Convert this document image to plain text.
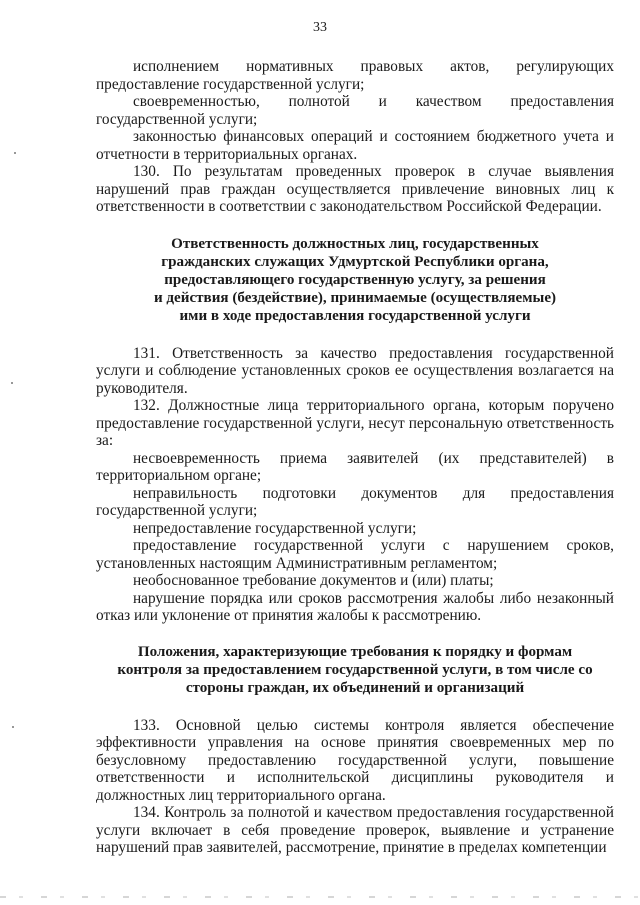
33

исполнением нормативных правовых актов, регулирующих предоставление государственной услуги;

своевременностью, полнотой и качеством предоставления государственной услуги;

законностью финансовых операций и состоянием бюджетного учета и отчетности в территориальных органах.

130. По результатам проведенных проверок в случае выявления нарушений прав граждан осуществляется привлечение виновных лиц к ответственности в соответствии с законодательством Российской Федерации.

Ответственность должностных лиц, государственных
гражданских служащих Удмуртской Республики органа,
предоставляющего государственную услугу, за решения
и действия (бездействие), принимаемые (осуществляемые)
ими в ходе предоставления государственной услуги

131. Ответственность за качество предоставления государственной услуги и соблюдение установленных сроков ее осуществления возлагается на руководителя.

132. Должностные лица территориального органа, которым поручено предоставление государственной услуги, несут персональную ответственность за:

несвоевременность приема заявителей (их представителей) в территориальном органе;

неправильность подготовки документов для предоставления государственной услуги;

непредоставление государственной услуги;

предоставление государственной услуги с нарушением сроков, установленных настоящим Административным регламентом;

необоснованное требование документов и (или) платы;

нарушение порядка или сроков рассмотрения жалобы либо незаконный отказ или уклонение от принятия жалобы к рассмотрению.

Положения, характеризующие требования к порядку и формам
контроля за предоставлением государственной услуги, в том числе со
стороны граждан, их объединений и организаций

133. Основной целью системы контроля является обеспечение эффективности управления на основе принятия своевременных мер по безусловному предоставлению государственной услуги, повышение ответственности и исполнительской дисциплины руководителя и должностных лиц территориального органа.

134. Контроль за полнотой и качеством предоставления государственной услуги включает в себя проведение проверок, выявление и устранение нарушений прав заявителей, рассмотрение, принятие в пределах компетенции
